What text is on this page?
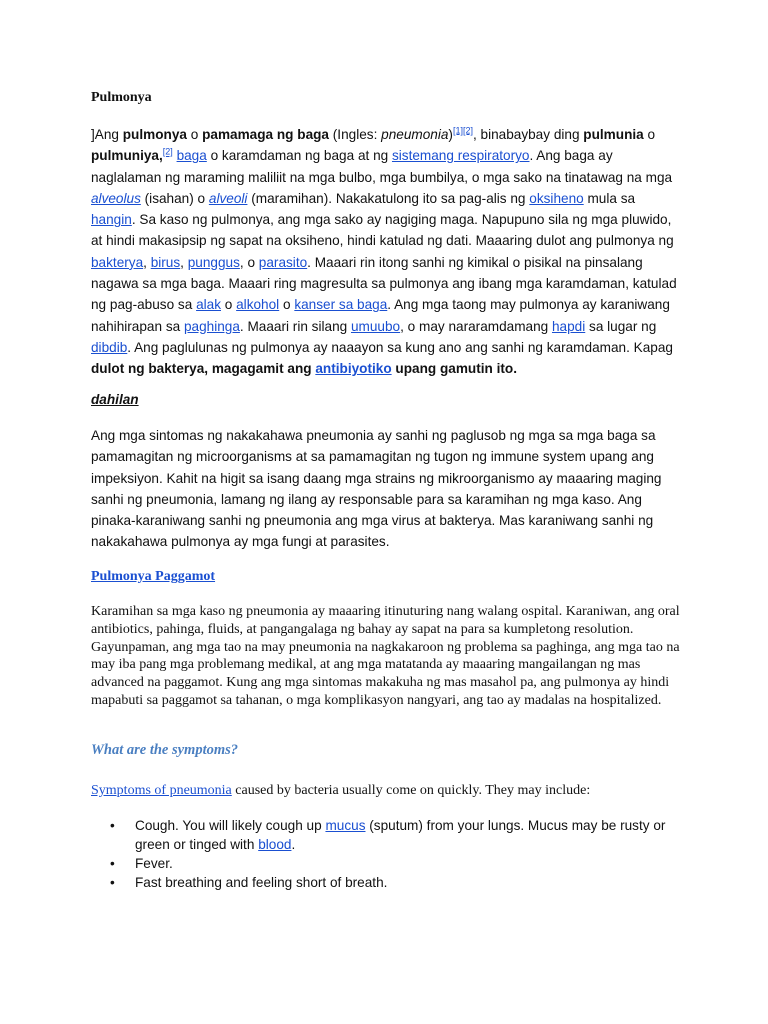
Pulmonya

]Ang pulmonya o pamamaga ng baga (Ingles: pneumonia)[1][2], binabaybay ding pulmunia o pulmuniya,[2] baga o karamdaman ng baga at ng sistemang respiratoryo. Ang baga ay naglalaman ng maraming maliliit na mga bulbo, mga bumbilya, o mga sako na tinatawag na mga alveolus (isahan) o alveoli (maramihan). Nakakatulong ito sa pag-alis ng oksiheno mula sa hangin. Sa kaso ng pulmonya, ang mga sako ay nagiging maga. Napupuno sila ng mga pluwido, at hindi makasipsip ng sapat na oksiheno, hindi katulad ng dati. Maaaring dulot ang pulmonya ng bakterya, birus, punggus, o parasito. Maaari rin itong sanhi ng kimikal o pisikal na pinsalang nagawa sa mga baga. Maaari ring magresulta sa pulmonya ang ibang mga karamdaman, katulad ng pag-abuso sa alak o alkohol o kanser sa baga. Ang mga taong may pulmonya ay karaniwang nahihirapan sa paghinga. Maaari rin silang umuubo, o may nararamdamang hapdi sa lugar ng dibdib. Ang paglulunas ng pulmonya ay naaayon sa kung ano ang sanhi ng karamdaman. Kapag dulot ng bakterya, magagamit ang antibiyotiko upang gamutin ito.

dahilan

Ang mga sintomas ng nakakahawa pneumonia ay sanhi ng paglusob ng mga sa mga baga sa pamamagitan ng microorganisms at sa pamamagitan ng tugon ng immune system upang ang impeksiyon. Kahit na higit sa isang daang mga strains ng mikroorganismo ay maaaring maging sanhi ng pneumonia, lamang ng ilang ay responsable para sa karamihan ng mga kaso. Ang pinaka-karaniwang sanhi ng pneumonia ang mga virus at bakterya. Mas karaniwang sanhi ng nakakahawa pulmonya ay mga fungi at parasites.

Pulmonya Paggamot

Karamihan sa mga kaso ng pneumonia ay maaaring itinuturing nang walang ospital. Karaniwan, ang oral antibiotics, pahinga, fluids, at pangangalaga ng bahay ay sapat na para sa kumpletong resolution. Gayunpaman, ang mga tao na may pneumonia na nagkakaroon ng problema sa paghinga, ang mga tao na may iba pang mga problemang medikal, at ang mga matatanda ay maaaring mangailangan ng mas advanced na paggamot. Kung ang mga sintomas makakuha ng mas masahol pa, ang pulmonya ay hindi mapabuti sa paggamot sa tahanan, o mga komplikasyon nangyari, ang tao ay madalas na hospitalized.

What are the symptoms?

Symptoms of pneumonia caused by bacteria usually come on quickly. They may include:

• Cough. You will likely cough up mucus (sputum) from your lungs. Mucus may be rusty or green or tinged with blood.
• Fever.
• Fast breathing and feeling short of breath.
